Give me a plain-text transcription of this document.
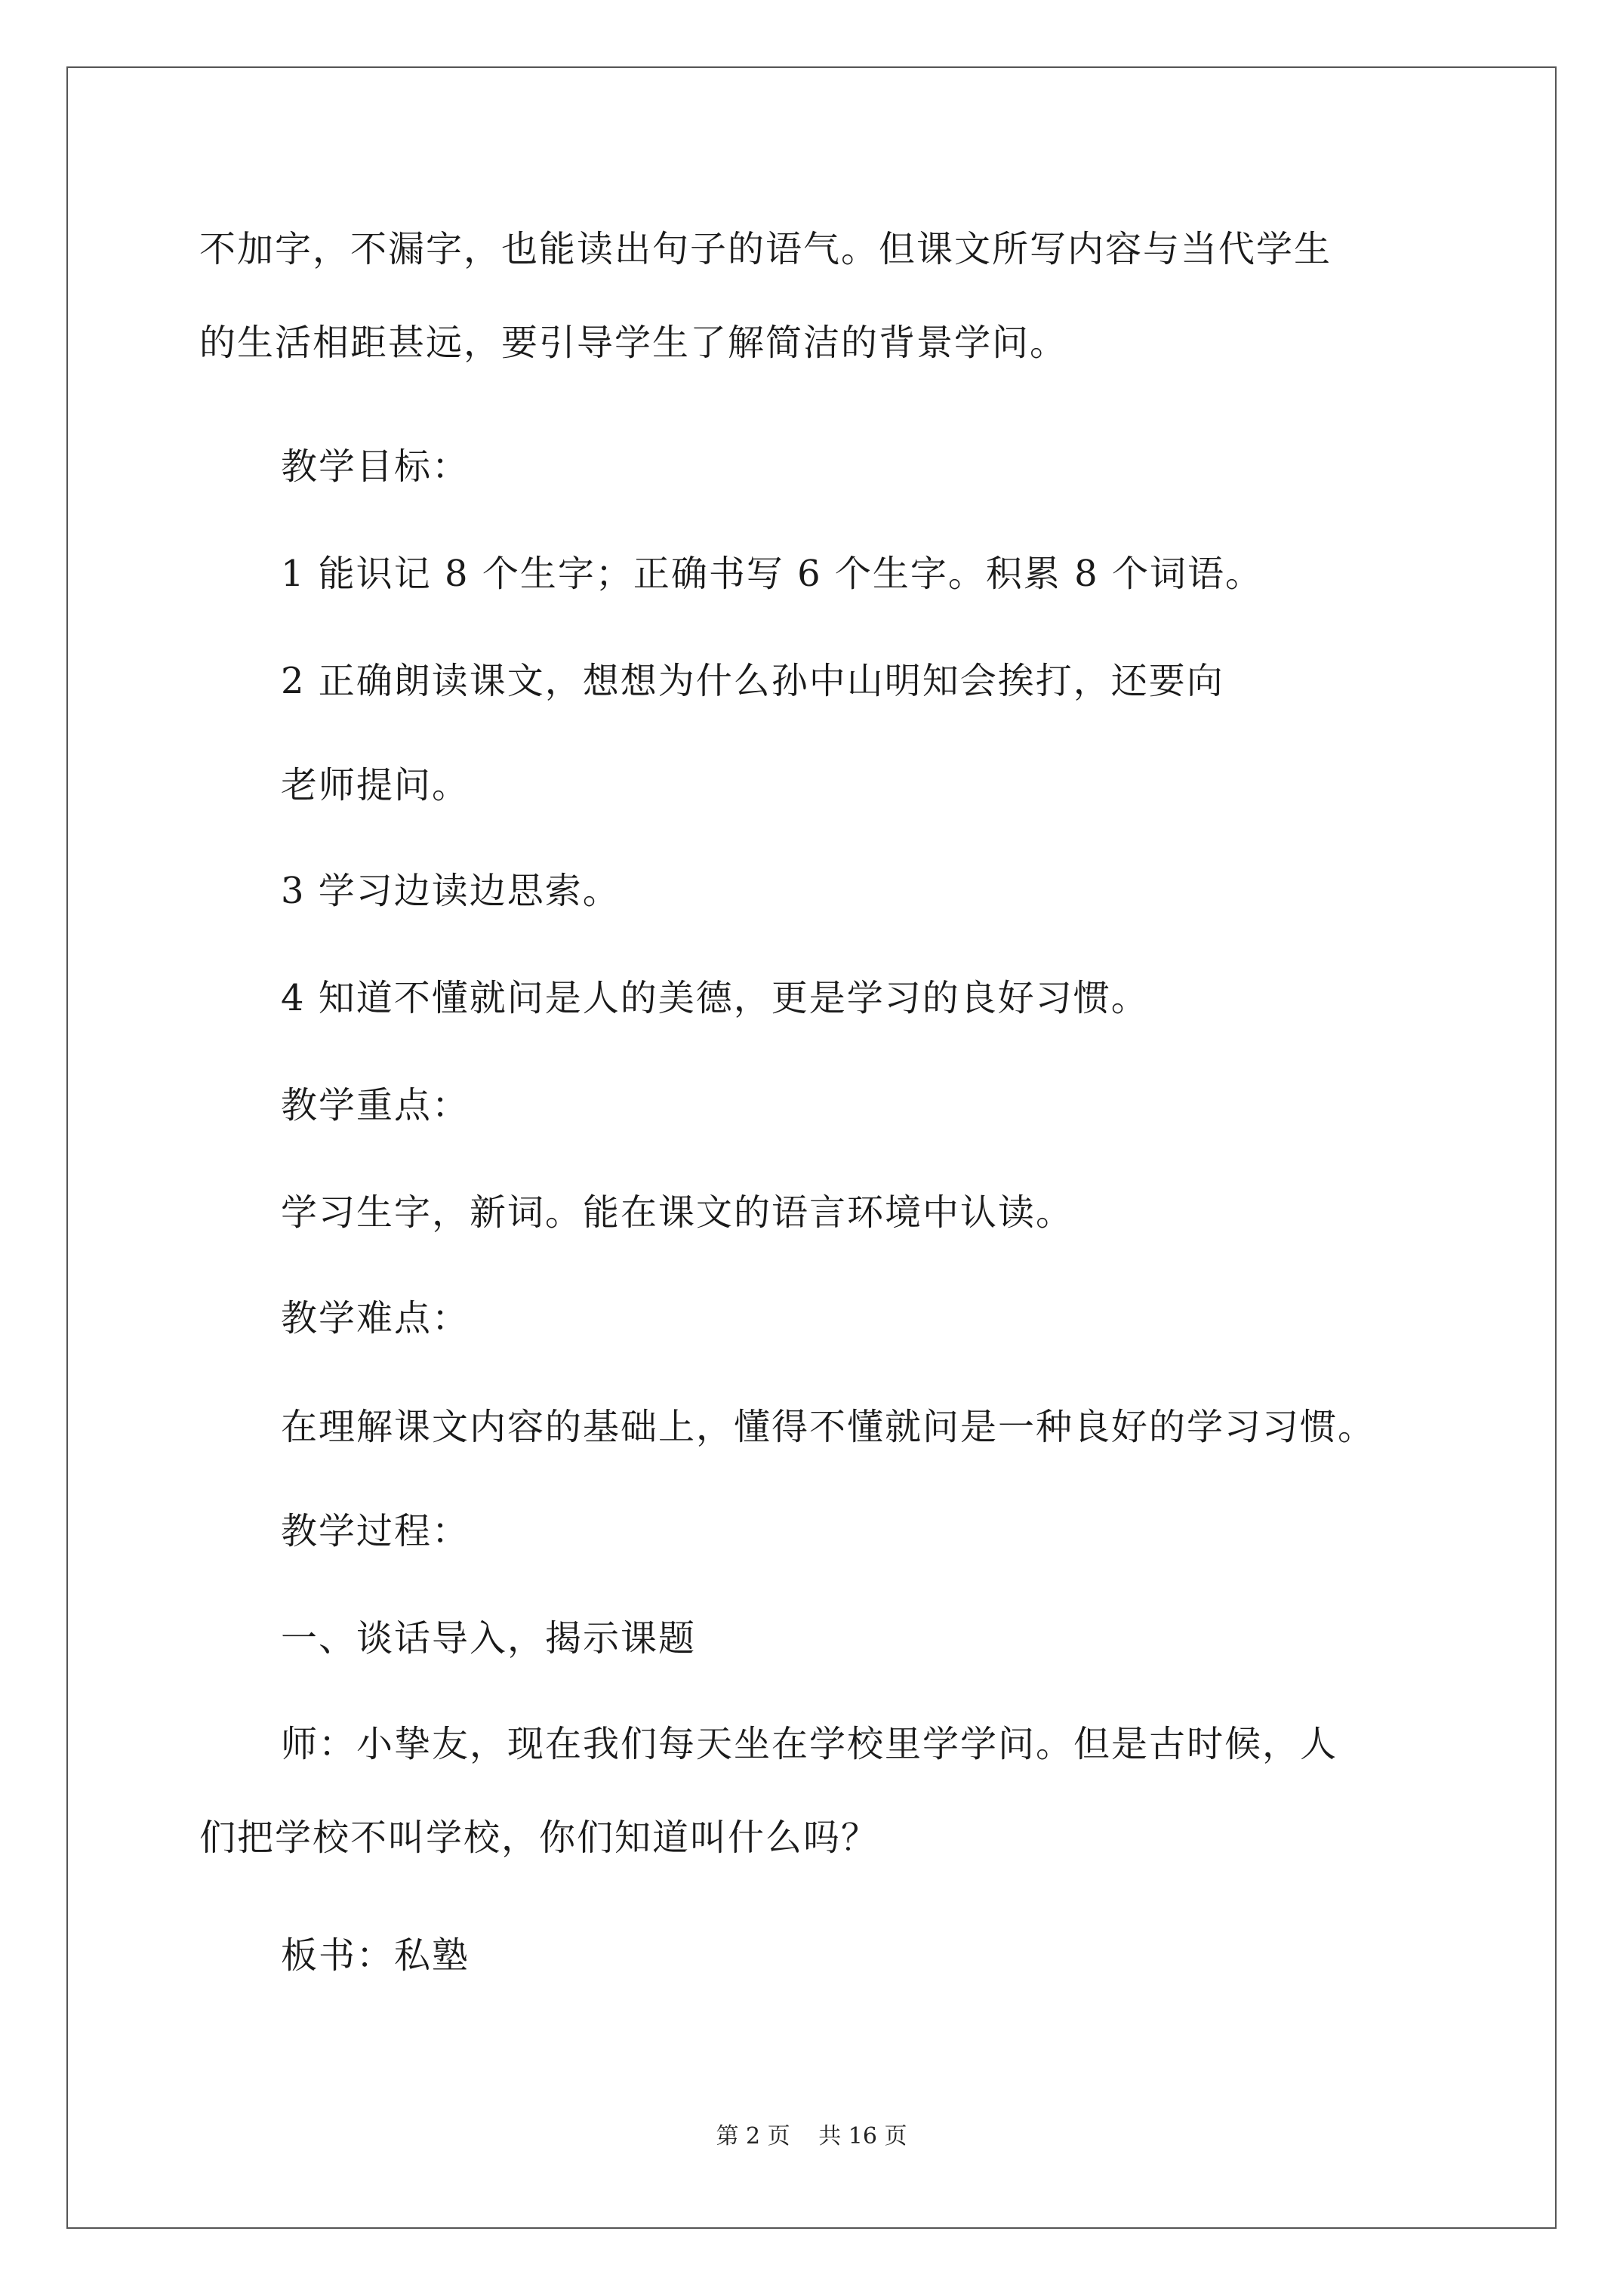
不加字，不漏字，也能读出句子的语气。但课文所写内容与当代学生

的生活相距甚远，要引导学生了解简洁的背景学问。

教学目标：

1 能识记 8 个生字；正确书写 6 个生字。积累 8 个词语。

2 正确朗读课文，想想为什么孙中山明知会挨打，还要向

老师提问。

3 学习边读边思索。

4 知道不懂就问是人的美德，更是学习的良好习惯。

教学重点：

学习生字，新词。能在课文的语言环境中认读。

教学难点：

在理解课文内容的基础上，懂得不懂就问是一种良好的学习习惯。

教学过程：

一、谈话导入，揭示课题

师：小挚友，现在我们每天坐在学校里学学问。但是古时候，人

们把学校不叫学校，你们知道叫什么吗？

板书：私塾

第 2 页 共 16 页
